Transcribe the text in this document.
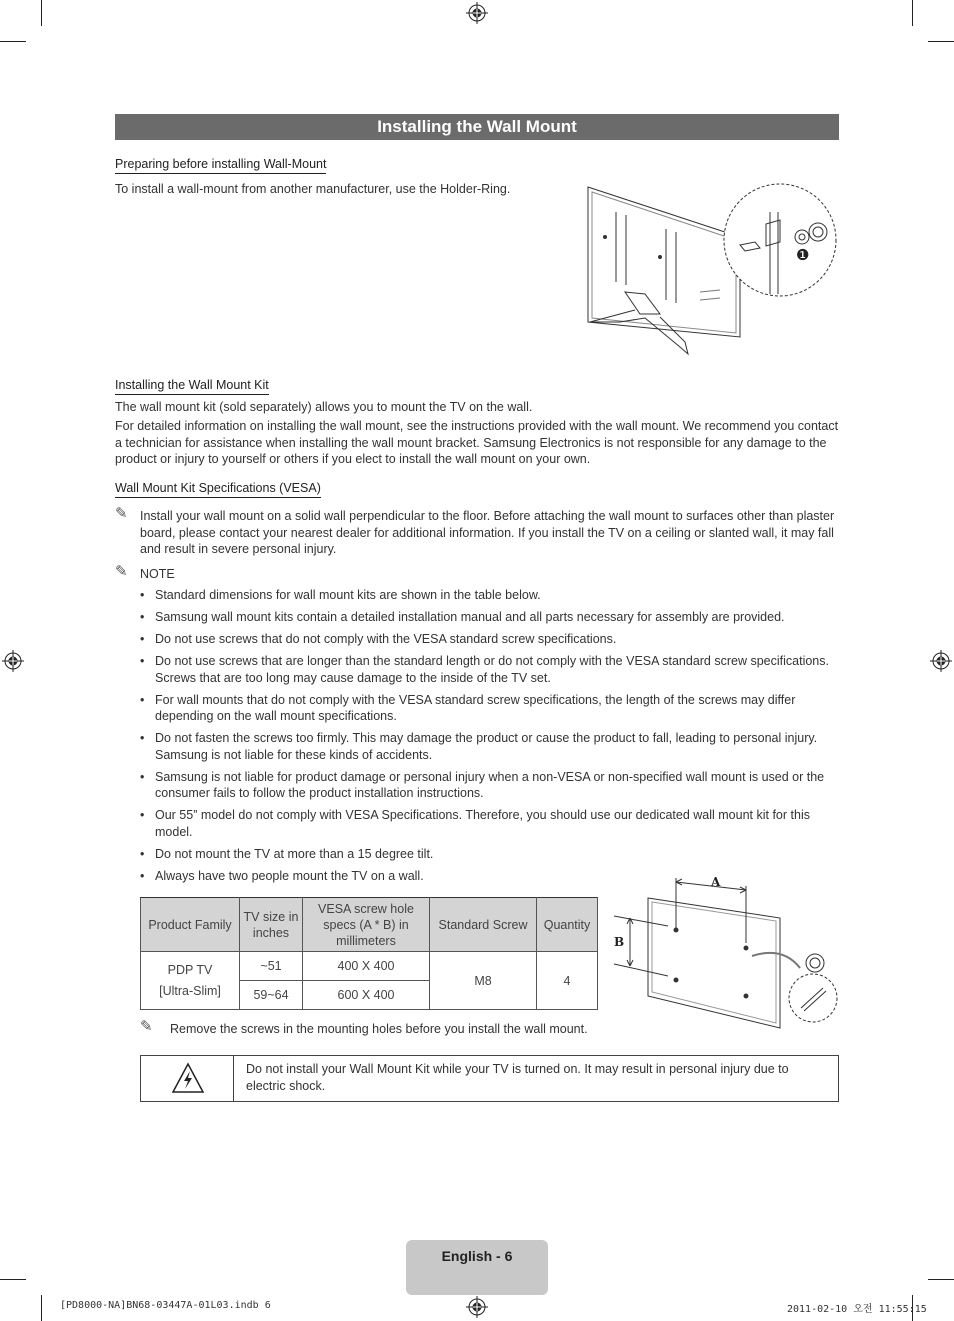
Installing the Wall Mount
Preparing before installing Wall-Mount
To install a wall-mount from another manufacturer, use the Holder-Ring.
❶
Installing the Wall Mount Kit
The wall mount kit (sold separately) allows you to mount the TV on the wall.
For detailed information on installing the wall mount, see the instructions provided with the wall mount. We recommend you contact a technician for assistance when installing the wall mount bracket. Samsung Electronics is not responsible for any damage to the product or injury to yourself or others if you elect to install the wall mount on your own.
Wall Mount Kit Specifications (VESA)
✎ Install your wall mount on a solid wall perpendicular to the floor. Before attaching the wall mount to surfaces other than plaster board, please contact your nearest dealer for additional information. If you install the TV on a ceiling or slanted wall, it may fall and result in severe personal injury.
✎ NOTE
• Standard dimensions for wall mount kits are shown in the table below.
• Samsung wall mount kits contain a detailed installation manual and all parts necessary for assembly are provided.
• Do not use screws that do not comply with the VESA standard screw specifications.
• Do not use screws that are longer than the standard length or do not comply with the VESA standard screw specifications. Screws that are too long may cause damage to the inside of the TV set.
• For wall mounts that do not comply with the VESA standard screw specifications, the length of the screws may differ depending on the wall mount specifications.
• Do not fasten the screws too firmly. This may damage the product or cause the product to fall, leading to personal injury. Samsung is not liable for these kinds of accidents.
• Samsung is not liable for product damage or personal injury when a non-VESA or non-specified wall mount is used or the consumer fails to follow the product installation instructions.
• Our 55” model do not comply with VESA Specifications. Therefore, you should use our dedicated wall mount kit for this model.
• Do not mount the TV at more than a 15 degree tilt.
• Always have two people mount the TV on a wall.
Product Family	TV size in inches	VESA screw hole specs (A * B) in millimeters	Standard Screw	Quantity
PDP TV
[Ultra-Slim]	~51	400 X 400	M8	4
	59~64	600 X 400		
A
B
✎ Remove the screws in the mounting holes before you install the wall mount.
Do not install your Wall Mount Kit while your TV is turned on. It may result in personal injury due to electric shock.
English - 6
[PD8000-NA]BN68-03447A-01L03.indb 6	2011-02-10 오전 11:55:15
